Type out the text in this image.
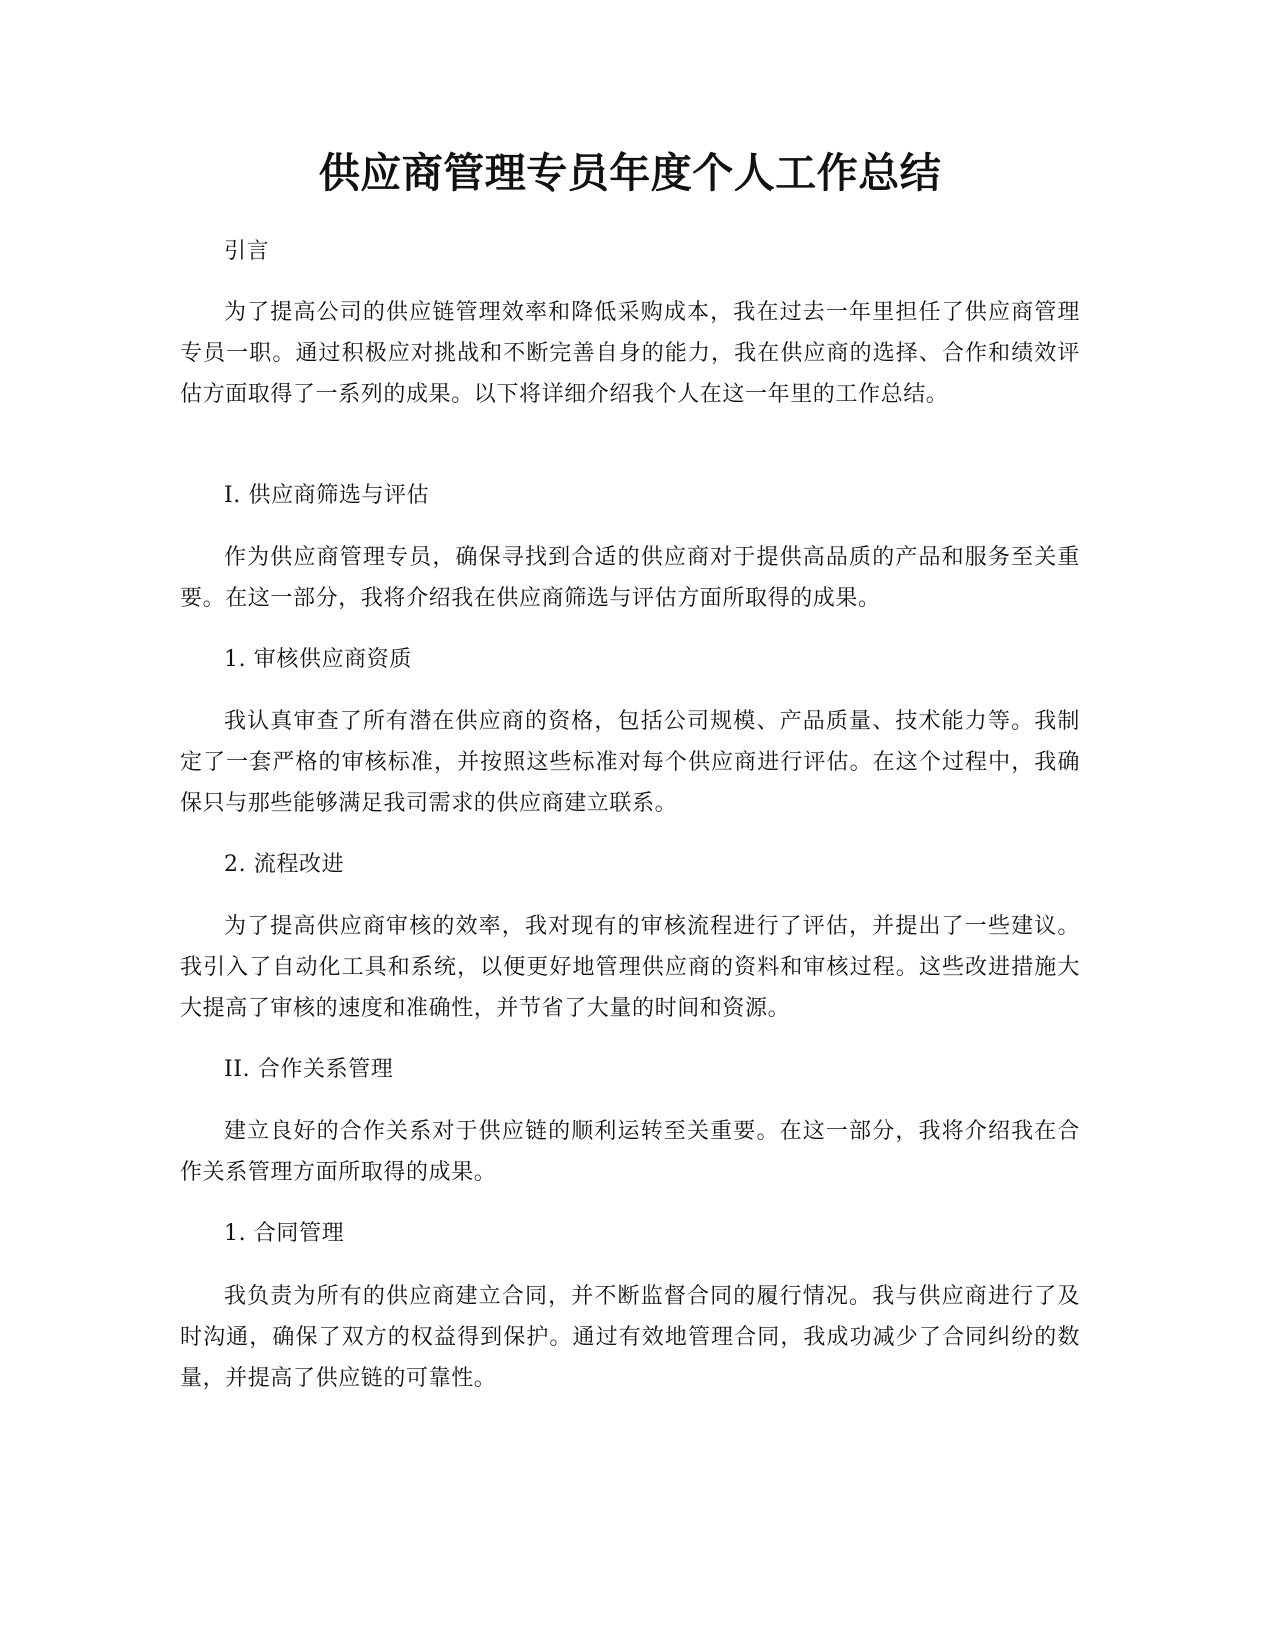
供应商管理专员年度个人工作总结

引言

为了提高公司的供应链管理效率和降低采购成本，我在过去一年里担任了供应商管理专员一职。通过积极应对挑战和不断完善自身的能力，我在供应商的选择、合作和绩效评估方面取得了一系列的成果。以下将详细介绍我个人在这一年里的工作总结。

I. 供应商筛选与评估

作为供应商管理专员，确保寻找到合适的供应商对于提供高品质的产品和服务至关重要。在这一部分，我将介绍我在供应商筛选与评估方面所取得的成果。

1. 审核供应商资质

我认真审查了所有潜在供应商的资格，包括公司规模、产品质量、技术能力等。我制定了一套严格的审核标准，并按照这些标准对每个供应商进行评估。在这个过程中，我确保只与那些能够满足我司需求的供应商建立联系。

2. 流程改进

为了提高供应商审核的效率，我对现有的审核流程进行了评估，并提出了一些建议。我引入了自动化工具和系统，以便更好地管理供应商的资料和审核过程。这些改进措施大大提高了审核的速度和准确性，并节省了大量的时间和资源。

II. 合作关系管理

建立良好的合作关系对于供应链的顺利运转至关重要。在这一部分，我将介绍我在合作关系管理方面所取得的成果。

1. 合同管理

我负责为所有的供应商建立合同，并不断监督合同的履行情况。我与供应商进行了及时沟通，确保了双方的权益得到保护。通过有效地管理合同，我成功减少了合同纠纷的数量，并提高了供应链的可靠性。
